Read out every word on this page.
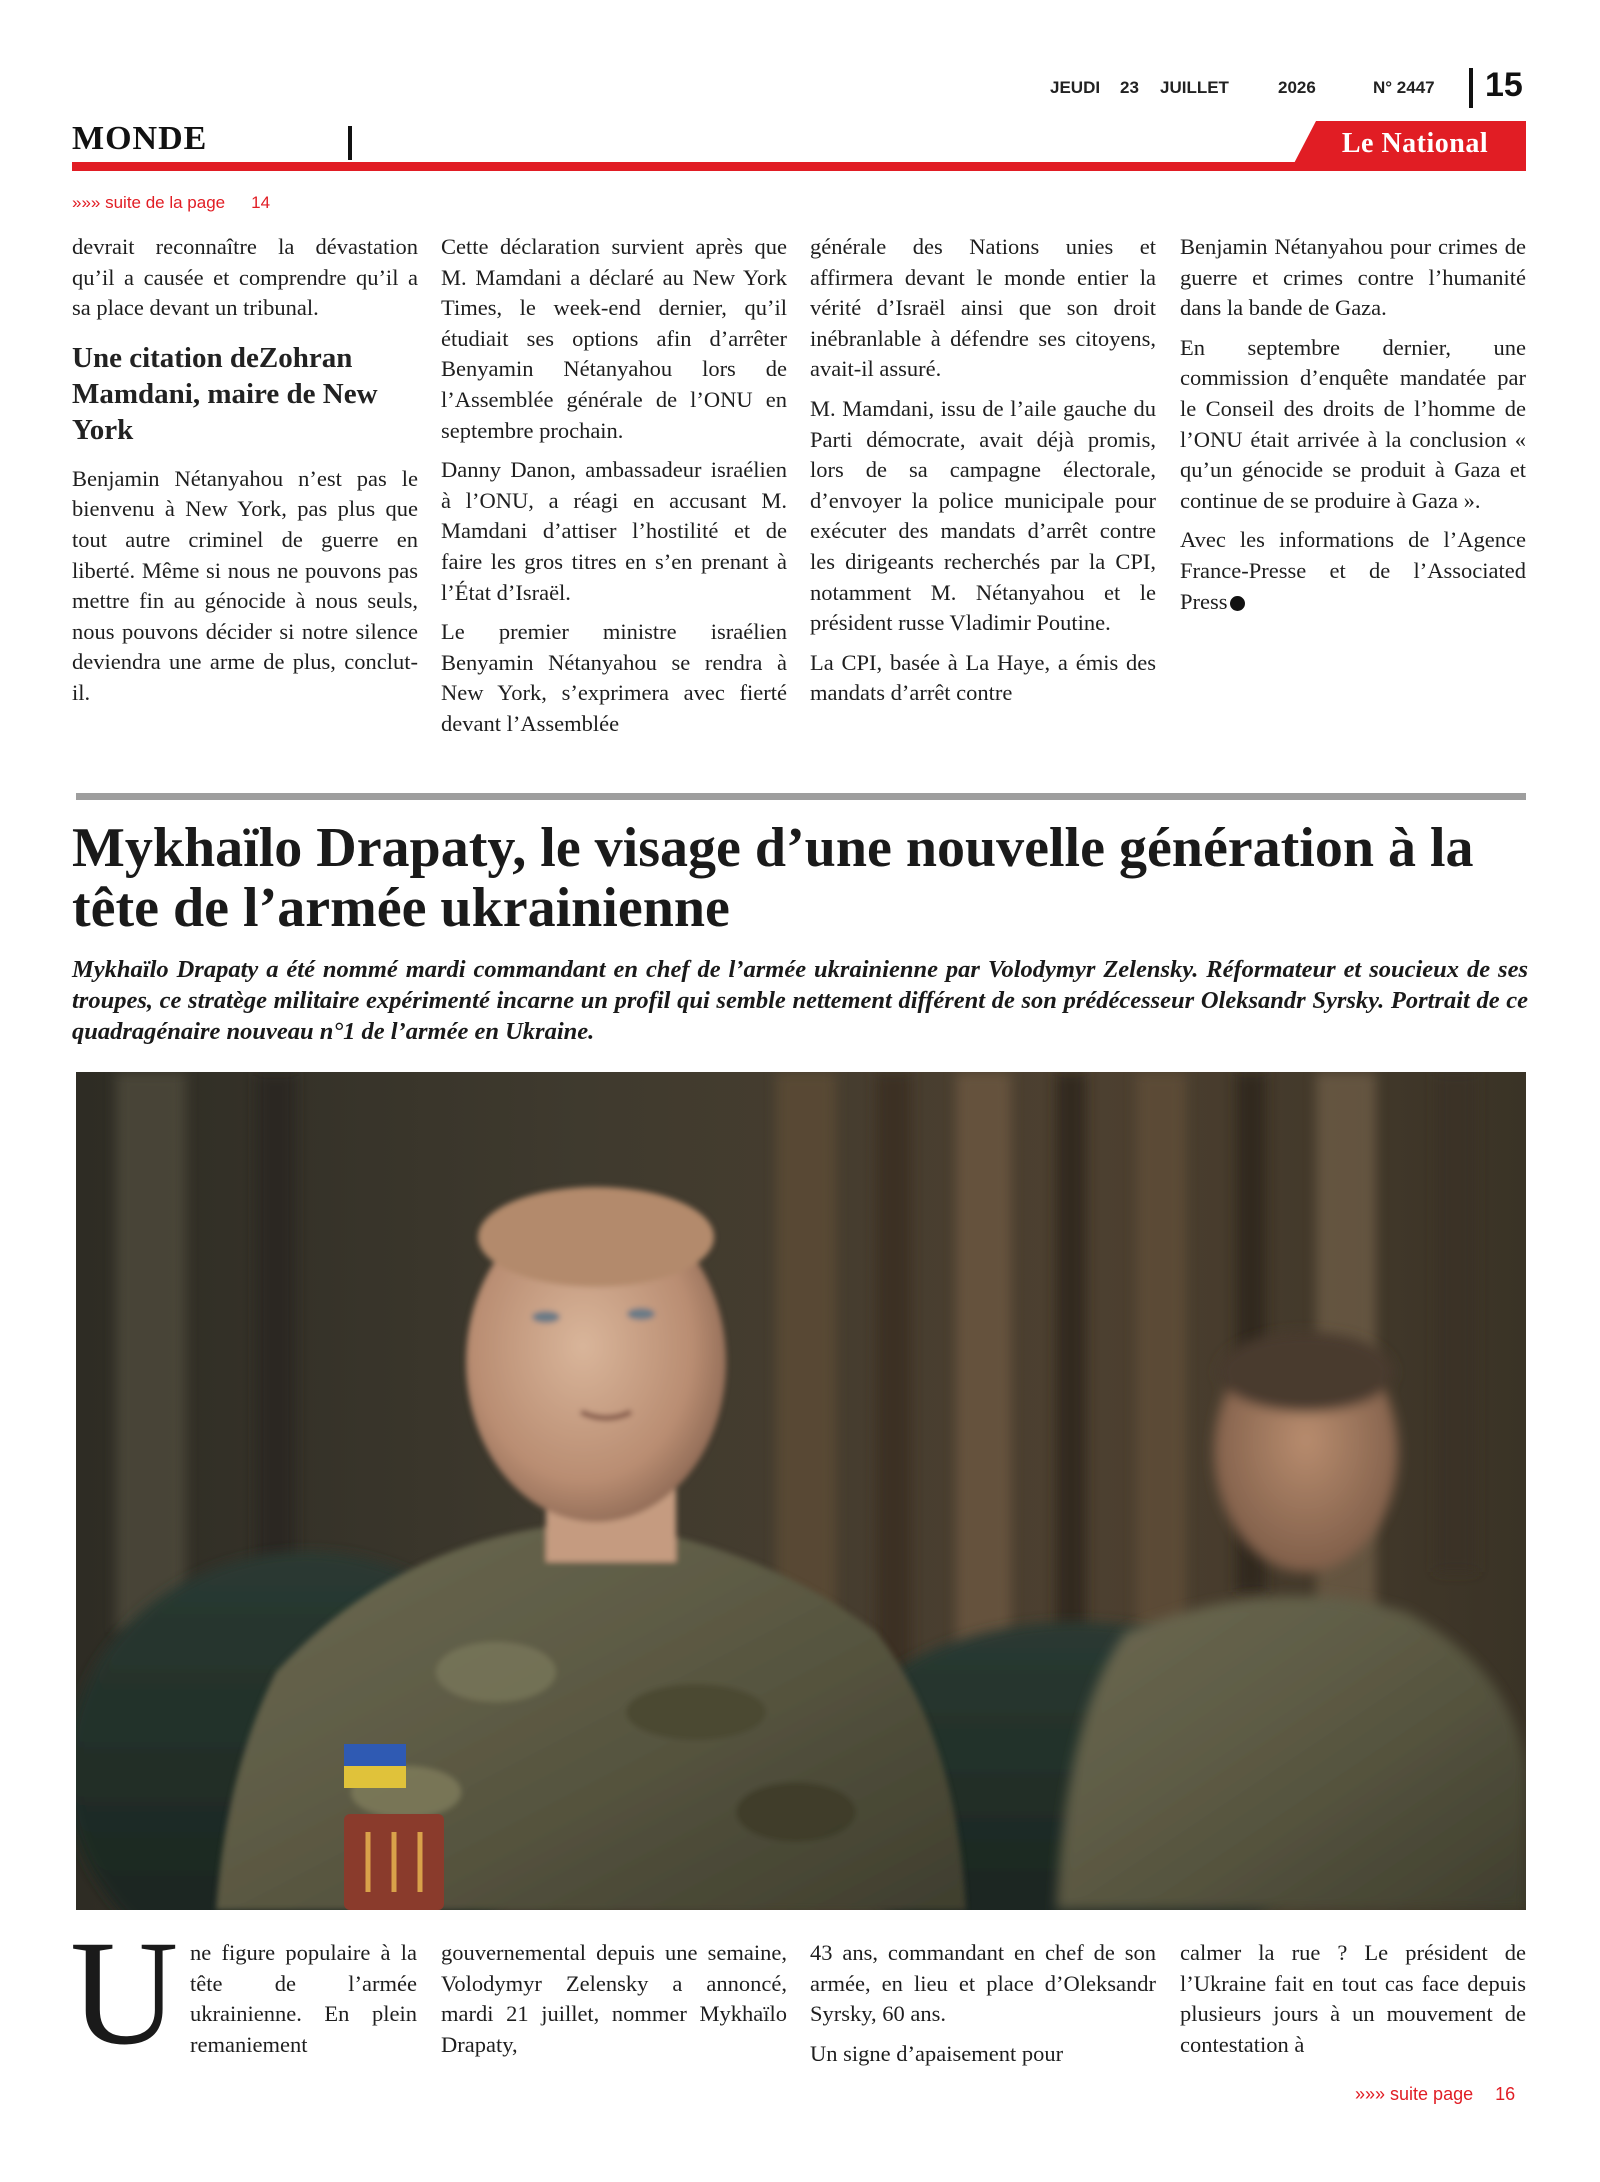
JEUDI 23 JUILLET	2026	N° 2447 15
MONDE	Le National
»»» suite de la page 14

devrait reconnaître la dévastation qu’il a causée et comprendre qu’il a sa place devant un tribunal.

Une citation deZohran Mamdani, maire de New York

Benjamin Nétanyahou n’est pas le bienvenu à New York, pas plus que tout autre criminel de guerre en liberté. Même si nous ne pouvons pas mettre fin au génocide à nous seuls, nous pouvons décider si notre silence deviendra une arme de plus, conclut-il.

Cette déclaration survient après que M. Mamdani a déclaré au New York Times, le week-end dernier, qu’il étudiait ses options afin d’arrêter Benyamin Nétanyahou lors de l’Assemblée générale de l’ONU en septembre prochain.

Danny Danon, ambassadeur israélien à l’ONU, a réagi en accusant M. Mamdani d’attiser l’hostilité et de faire les gros titres en s’en prenant à l’État d’Israël.

Le premier ministre israélien Benyamin Nétanyahou se rendra à New York, s’exprimera avec fierté devant l’Assemblée

générale des Nations unies et affirmera devant le monde entier la vérité d’Israël ainsi que son droit inébranlable à défendre ses citoyens, avait-il assuré.

M. Mamdani, issu de l’aile gauche du Parti démocrate, avait déjà promis, lors de sa campagne électorale, d’envoyer la police municipale pour exécuter des mandats d’arrêt contre les dirigeants recherchés par la CPI, notamment M. Nétanyahou et le président russe Vladimir Poutine.

La CPI, basée à La Haye, a émis des mandats d’arrêt contre

Benjamin Nétanyahou pour crimes de guerre et crimes contre l’humanité dans la bande de Gaza.

En septembre dernier, une commission d’enquête mandatée par le Conseil des droits de l’homme de l’ONU était arrivée à la conclusion « qu’un génocide se produit à Gaza et continue de se produire à Gaza ».

Avec les informations de l’Agence France-Presse et de l’Associated Press

Mykhaïlo Drapaty, le visage d’une nouvelle génération à la tête de l’armée ukrainienne

Mykhaïlo Drapaty a été nommé mardi commandant en chef de l’armée ukrainienne par Volodymyr Zelensky. Réformateur et soucieux de ses troupes, ce stratège militaire expérimenté incarne un profil qui semble nettement différent de son prédécesseur Oleksandr Syrsky. Portrait de ce quadragénaire nouveau n°1 de l’armée en Ukraine.

U ne figure populaire à la tête de l’armée ukrainienne. En plein remaniement

gouvernemental depuis une semaine, Volodymyr Zelensky a annoncé, mardi 21 juillet, nommer Mykhaïlo Drapaty,

43 ans, commandant en chef de son armée, en lieu et place d’Oleksandr Syrsky, 60 ans.

Un signe d’apaisement pour

calmer la rue ? Le président de l’Ukraine fait en tout cas face depuis plusieurs jours à un mouvement de contestation à

»»» suite page 16
